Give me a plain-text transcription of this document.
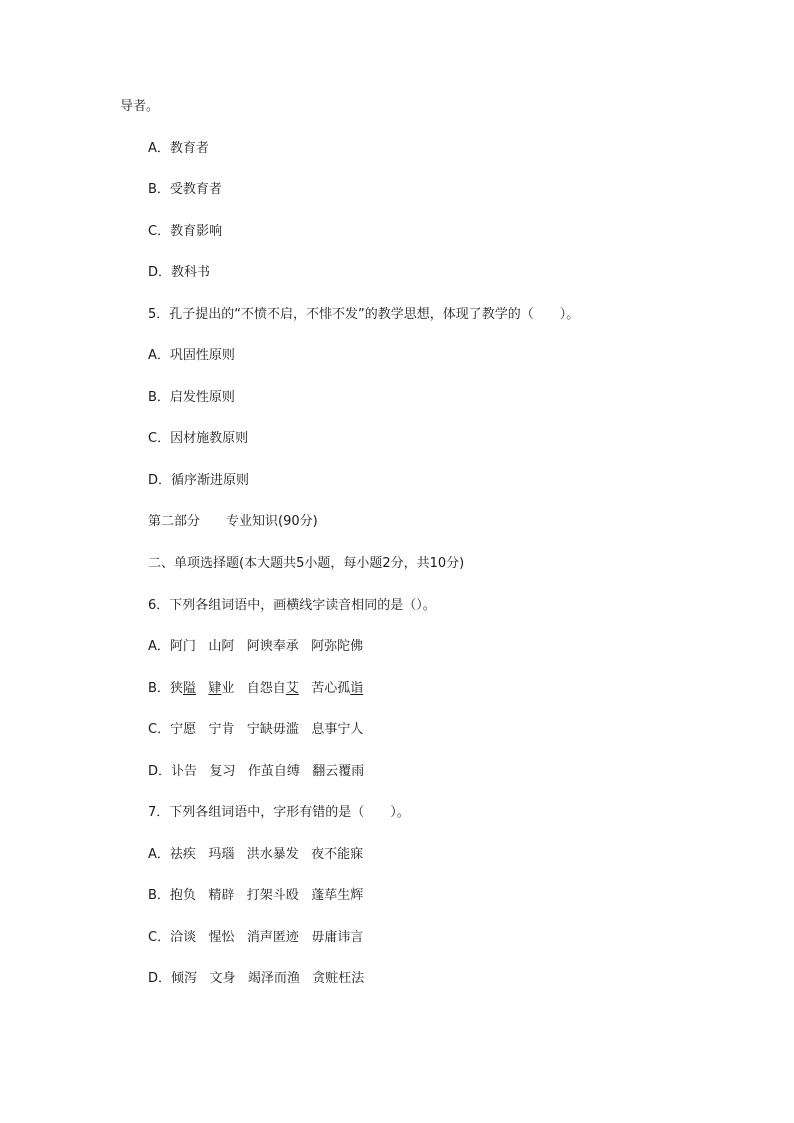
导者。
A．教育者
B．受教育者
C．教育影响
D．教科书
5．孔子提出的“不愤不启，不悱不发”的教学思想，体现了教学的（　　）。
A．巩固性原则
B．启发性原则
C．因材施教原则
D．循序渐进原则
第二部分　　专业知识(90分)
二、单项选择题(本大题共5小题，每小题2分，共10分)
6．下列各组词语中，画横线字读音相同的是（）。
A．阿门 山阿 阿谀奉承 阿弥陀佛
B．狭隘 肄业 自怨自艾 苦心孤诣
C．宁愿 宁肯 宁缺毋滥 息事宁人
D．讣告 复习 作茧自缚 翻云覆雨
7．下列各组词语中，字形有错的是（　　）。
A．祛疾 玛瑙 洪水暴发 夜不能寐
B．抱负 精辟 打架斗殴 蓬荜生辉
C．洽谈 惺忪 消声匿迹 毋庸讳言
D．倾泻 文身 竭泽而渔 贪赃枉法
